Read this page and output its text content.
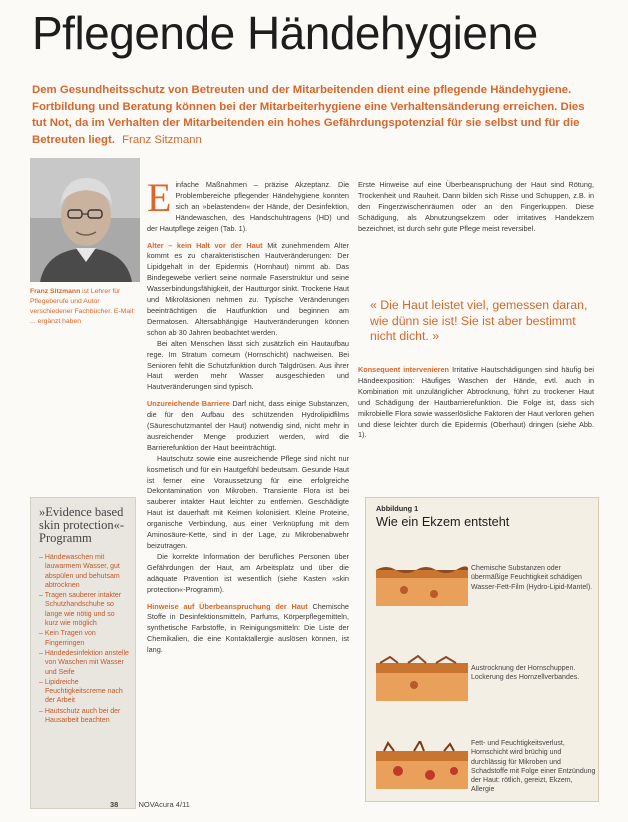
Pflegende Händehygiene
Dem Gesundheitsschutz von Betreuten und der Mitarbeitenden dient eine pflegende Händehygiene. Fortbildung und Beratung können bei der Mitarbeiterhygiene eine Verhaltensänderung erreichen. Dies tut Not, da im Verhalten der Mitarbeitenden ein hohes Gefährdungspotenzial für sie selbst und für die Betreuten liegt. Franz Sitzmann
Franz Sitzmann ist Lehrer für Pflegeberufe und Autor verschiedener Fachbücher. E-Mail: ... ergänzt haben
»Evidence based skin protection«-Programm
– Händewaschen mit lauwarmem Wasser, gut abspülen und behutsam abtrocknen
– Tragen sauberer intakter Schutzhandschuhe so lange wie nötig und so kurz wie möglich
– Kein Tragen von Fingerringen
– Händedesinfektion anstelle von Waschen mit Wasser und Seife
– Lipidreiche Feuchtigkeitscreme nach der Arbeit
– Hautschutz auch bei der Hausarbeit beachten

Einfache Maßnahmen – präzise Akzeptanz. Die Problembereiche pflegender Händehygiene konnten sich an »belastenden« der Hände, der Desinfektion, Händewaschen, des Handschuhtragens (HD) und der Hautpflege zeigen (Tab. 1).

Alter – kein Halt vor der Haut Mit zunehmendem Alter kommt es zu charakteristischen Hautveränderungen: Der Lipidgehalt in der Epidermis (Hornhaut) nimmt ab. Das Bindegewebe verliert seine normale Faserstruktur und seine Wasserbindungsfähigkeit, der Hautturgor sinkt. Trockene Haut und Mikroläsionen nehmen zu. Typische Veränderungen beeinträchtigen die Hautfunktion und beginnen am Dermatosen. Altersabhängige Hautveränderungen können schon ab 30 Jahren beobachtet werden.

Bei alten Menschen lässt sich zusätzlich ein Hautaufbau rege. Im Stratum corneum (Hornschicht) nachweisen. Bei Senioren fehlt die Schutzfunktion durch Talgdrüsen. Aus ihrer Haut werden mehr Wasser ausgeschieden und Hautveränderungen sind typisch.

Unzureichende Barriere Darf nicht, dass einige Substanzen, die für den Aufbau des schützenden Hydrolipidfilms (Säureschutzmantel der Haut) notwendig sind, nicht mehr in ausreichender Menge produziert werden, wird die Barrierefunktion der Haut beeinträchtigt.

Hautschutz sowie eine ausreichende Pflege sind nicht nur kosmetisch und für ein Hautgefühl bedeutsam. Gesunde Haut ist ferner eine Voraussetzung für eine erfolgreiche Dekontamination von Mikroben. Transiente Flora ist bei sauberer intakter Haut leichter zu entfernen. Geschädigte Haut ist dauerhaft mit Keimen kolonisiert. Kleine Proteine, organische Verbindung, aus einer Verknüpfung mit dem Aminosäure-Kette, sind in der Lage, zu Mikrobenabwehr beizutragen.

Die korrekte Information der berufliches Personen über Gefährdungen der Haut, am Arbeitsplatz und über die adäquate Prävention ist wesentlich (siehe Kasten »skin protection«-Programm).

Hinweise auf Überbeanspruchung der Haut Chemische Stoffe in Desinfektionsmitteln, Parfums, Körperpflegemitteln, synthetische Farbstoffe, in Reinigungsmitteln: Die Liste der Chemikalien, die eine Kontaktallergie auslösen können, ist lang.

Erste Hinweise auf eine Überbeanspruchung der Haut sind Rötung, Trockenheit und Rauheit. Dann bilden sich Risse und Schuppen, z.B. in den Fingerzwischenräumen oder an den Fingerkuppen. Diese Schädigung, als Abnutzungsekzem oder irritatives Handekzem bezeichnet, ist durch sehr gute Pflege meist reversibel.

« Die Haut leistet viel, gemessen daran, wie dünn sie ist! Sie ist aber bestimmt nicht dicht. »

Konsequent intervenieren Irritative Hautschädigungen sind häufig bei Händeexposition: Häufiges Waschen der Hände, evtl. auch in Kombination mit unzulänglicher Abtrocknung, führt zu trockener Haut und Schädigung der Hautbarrierefunktion. Die Folge ist, dass sich mikrobielle Flora sowie wasserlösliche Faktoren der Haut verloren gehen und diese leichter durch die Epidermis (Oberhaut) dringen (siehe Abb. 1).

Abbildung 1
Wie ein Ekzem entsteht
Chemische Substanzen oder übermäßige Feuchtigkeit schädigen Wasser-Fett-Film (Hydro-Lipid-Mantel).
Austrocknung der Hornschuppen. Lockerung des Hornzellverbandes.
Fett- und Feuchtigkeitsverlust, Hornschicht wird brüchig und durchlässig für Mikroben und Schadstoffe mit Folge einer Entzündung der Haut: rötlich, gereizt, Ekzem, Allergie
38	NOVAcura 4/11
